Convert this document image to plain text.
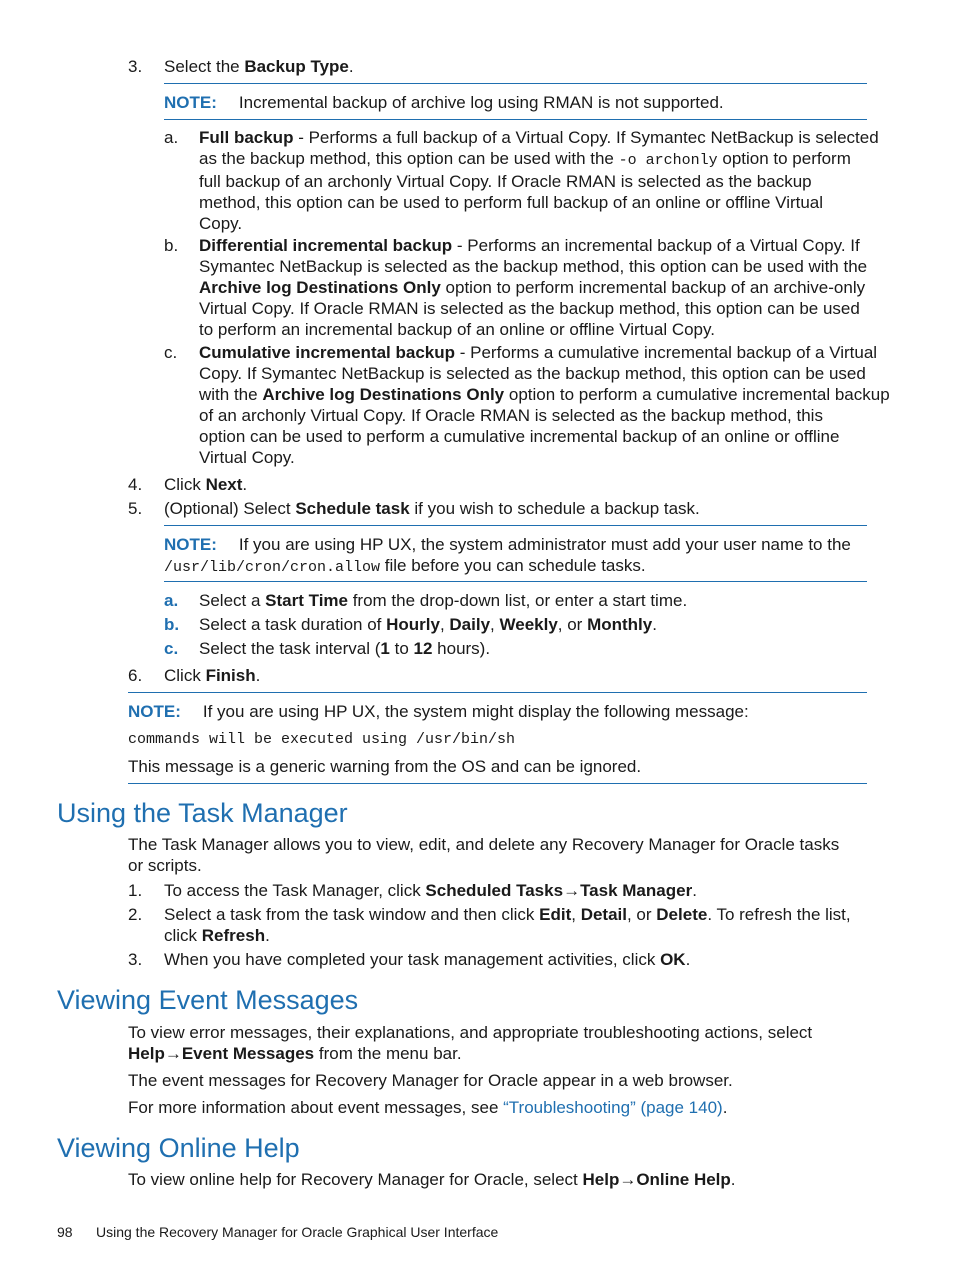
3.	Select the Backup Type.
NOTE: Incremental backup of archive log using RMAN is not supported.
a.	Full backup - Performs a full backup of a Virtual Copy. If Symantec NetBackup is selected
as the backup method, this option can be used with the -o archonly option to perform
full backup of an archonly Virtual Copy. If Oracle RMAN is selected as the backup
method, this option can be used to perform full backup of an online or offline Virtual
Copy.
b.	Differential incremental backup - Performs an incremental backup of a Virtual Copy. If
Symantec NetBackup is selected as the backup method, this option can be used with the
Archive log Destinations Only option to perform incremental backup of an archive-only
Virtual Copy. If Oracle RMAN is selected as the backup method, this option can be used
to perform an incremental backup of an online or offline Virtual Copy.
c.	Cumulative incremental backup - Performs a cumulative incremental backup of a Virtual
Copy. If Symantec NetBackup is selected as the backup method, this option can be used
with the Archive log Destinations Only option to perform a cumulative incremental backup
of an archonly Virtual Copy. If Oracle RMAN is selected as the backup method, this
option can be used to perform a cumulative incremental backup of an online or offline
Virtual Copy.
4.	Click Next.
5.	(Optional) Select Schedule task if you wish to schedule a backup task.
NOTE: If you are using HP UX, the system administrator must add your user name to the
/usr/lib/cron/cron.allow file before you can schedule tasks.
a.	Select a Start Time from the drop-down list, or enter a start time.
b.	Select a task duration of Hourly, Daily, Weekly, or Monthly.
c.	Select the task interval (1 to 12 hours).
6.	Click Finish.
NOTE: If you are using HP UX, the system might display the following message:
commands will be executed using /usr/bin/sh
This message is a generic warning from the OS and can be ignored.
Using the Task Manager
The Task Manager allows you to view, edit, and delete any Recovery Manager for Oracle tasks
or scripts.
1.	To access the Task Manager, click Scheduled Tasks→Task Manager.
2.	Select a task from the task window and then click Edit, Detail, or Delete. To refresh the list,
click Refresh.
3.	When you have completed your task management activities, click OK.
Viewing Event Messages
To view error messages, their explanations, and appropriate troubleshooting actions, select
Help→Event Messages from the menu bar.
The event messages for Recovery Manager for Oracle appear in a web browser.
For more information about event messages, see “Troubleshooting” (page 140).
Viewing Online Help
To view online help for Recovery Manager for Oracle, select Help→Online Help.
98 Using the Recovery Manager for Oracle Graphical User Interface
